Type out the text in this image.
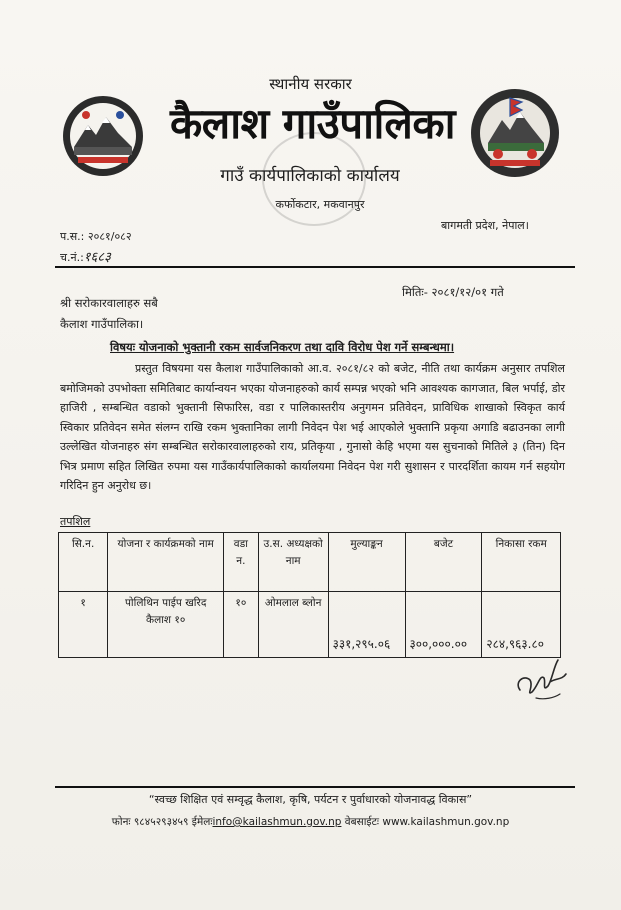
स्थानीय सरकार
कैलाश गाउँपालिका
गाउँ कार्यपालिकाको कार्यालय
कर्फोकटार, मकवानपुर
बागमती प्रदेश, नेपाल।
प.स.: २०८१/०८२
च.नं.:१६८३
मितिः- २०८१/१२/०१ गते
श्री सरोकारवालाहरु सबै
कैलाश गाउँपालिका।
विषयः योजनाको भुक्तानी रकम सार्वजनिकरण तथा दावि विरोध पेश गर्ने सम्बन्धमा।
प्रस्तुत विषयमा यस कैलाश गाउँपालिकाको आ.व. २०८१/८२ को बजेट, नीति तथा कार्यक्रम अनुसार तपशिल बमोजिमको उपभोक्ता समितिबाट कार्यान्वयन भएका योजनाहरुको कार्य सम्पन्न भएको भनि आवश्यक कागजात, बिल भर्पाई, डोर हाजिरी , सम्बन्धित वडाको भुक्तानी सिफारिस, वडा र पालिकास्तरीय अनुगमन प्रतिवेदन, प्राविधिक शाखाको स्विकृत कार्य स्विकार प्रतिवेदन समेत संलग्न राखि रकम भुक्तानिका लागी निवेदन पेश भई आएकोले भुक्तानि प्रकृया अगाडि बढाउनका लागी उल्लेखित योजनाहरु संग सम्बन्धित सरोकारवालाहरुको राय, प्रतिकृया , गुनासो केहि भएमा यस सुचनाको मितिले ३ (तिन) दिन भित्र प्रमाण सहित लिखित रुपमा यस गाउँकार्यपालिकाको कार्यालयमा निवेदन पेश गरी सुशासन र पारदर्शिता कायम गर्न सहयोग गरिदिन हुन अनुरोध छ।
तपशिल
सि.न.	योजना र कार्यक्रमको नाम	वडा न.	उ.स. अध्यक्षको नाम	मुल्याङ्कन	बजेट	निकासा रकम
१	पोलिथिन पाईप खरिद कैलाश १०	१०	ओमलाल ब्लोन	३३१,२९५.०६	३००,०००.००	२८४,९६३.८०
“स्वच्छ शिक्षित एवं सम्वृद्ध कैलाश, कृषि, पर्यटन र पुर्वाधारको योजनावद्ध विकास”
फोनः ९८४५२९३४५९ ईमेलःinfo@kailashmun.gov.np वेबसाईटः www.kailashmun.gov.np
